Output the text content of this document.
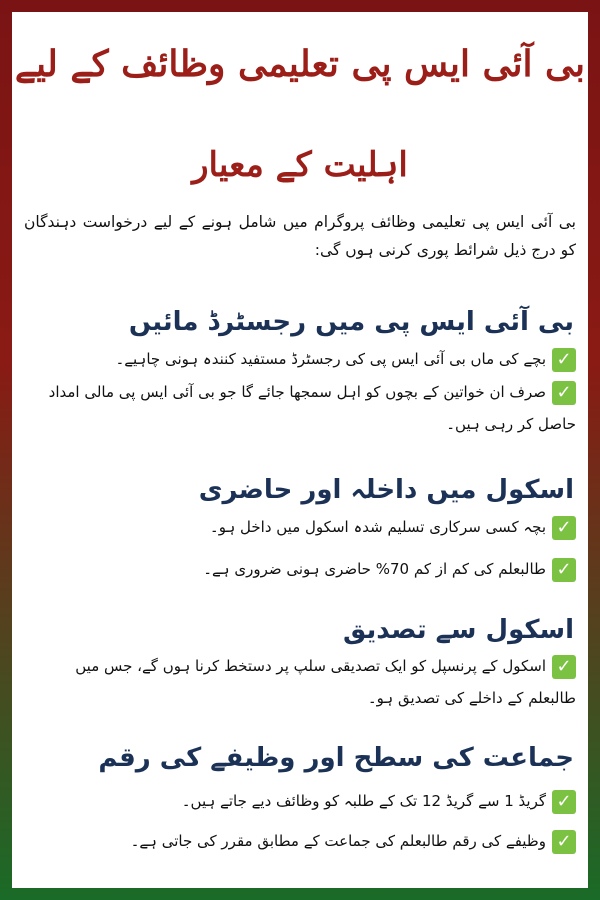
بی آئی ایس پی تعلیمی وظائف کے لیے
اہلیت کے معیار
بی آئی ایس پی تعلیمی وظائف پروگرام میں شامل ہونے کے لیے درخواست دہندگان کو درج ذیل شرائط پوری کرنی ہوں گی:
بی آئی ایس پی میں رجسٹرڈ مائیں
✓بچے کی ماں بی آئی ایس پی کی رجسٹرڈ مستفید کنندہ ہونی چاہیے۔
✓صرف ان خواتین کے بچوں کو اہل سمجھا جائے گا جو بی آئی ایس پی مالی امداد حاصل کر رہی ہیں۔
اسکول میں داخلہ اور حاضری
✓بچہ کسی سرکاری تسلیم شدہ اسکول میں داخل ہو۔
✓طالبعلم کی کم از کم 70% حاضری ہونی ضروری ہے۔
اسکول سے تصدیق
✓اسکول کے پرنسپل کو ایک تصدیقی سلپ پر دستخط کرنا ہوں گے، جس میں طالبعلم کے داخلے کی تصدیق ہو۔
جماعت کی سطح اور وظیفے کی رقم
✓گریڈ 1 سے گریڈ 12 تک کے طلبہ کو وظائف دیے جاتے ہیں۔
✓وظیفے کی رقم طالبعلم کی جماعت کے مطابق مقرر کی جاتی ہے۔
